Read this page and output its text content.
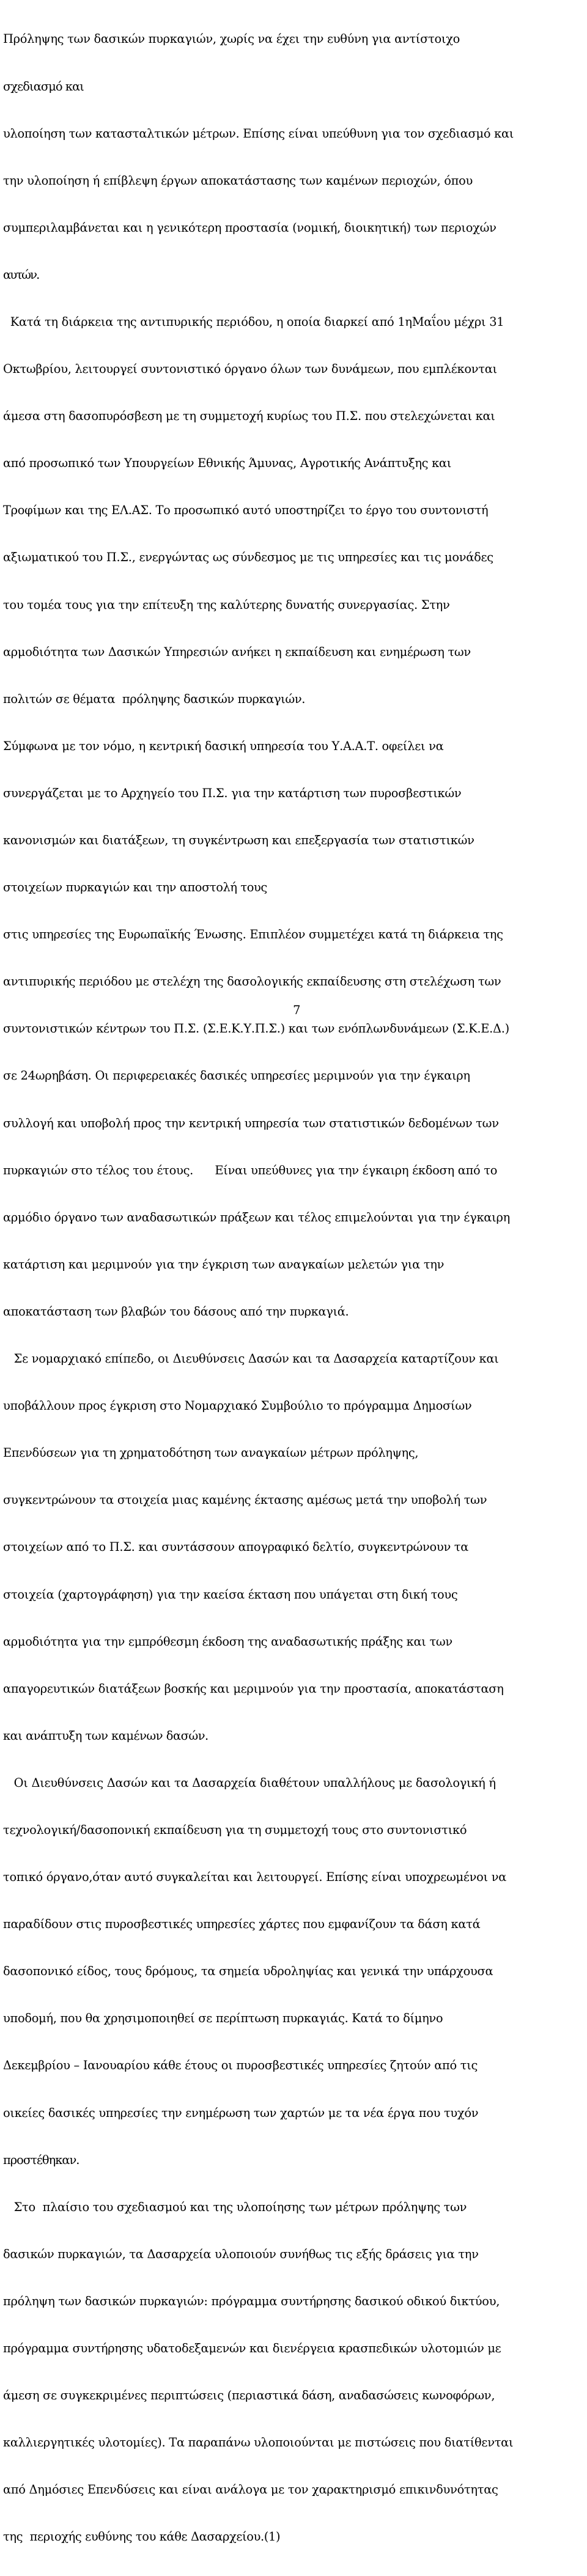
Πρόληψης των δασικών πυρκαγιών, χωρίς να έχει την ευθύνη για αντίστοιχο

σχεδιασμό και

υλοποίηση των κατασταλτικών μέτρων. Επίσης είναι υπεύθυνη για τον σχεδιασμό και

την υλοποίηση ή επίβλεψη έργων αποκατάστασης των καμένων περιοχών, όπου

συμπεριλαμβάνεται και η γενικότερη προστασία (νομική, διοικητική) των περιοχών

αυτών.

Κατά τη διάρκεια της αντιπυρικής περιόδου, η οποία διαρκεί από 1ηΜαΐου μέχρι 31

Οκτωβρίου, λειτουργεί συντονιστικό όργανο όλων των δυνάμεων, που εμπλέκονται

άμεσα στη δασοπυρόσβεση με τη συμμετοχή κυρίως του Π.Σ. που στελεχώνεται και

από προσωπικό των Υπουργείων Εθνικής Άμυνας, Αγροτικής Ανάπτυξης και

Τροφίμων και της ΕΛ.ΑΣ. Το προσωπικό αυτό υποστηρίζει το έργο του συντονιστή

αξιωματικού του Π.Σ., ενεργώντας ως σύνδεσμος με τις υπηρεσίες και τις μονάδες

του τομέα τους για την επίτευξη της καλύτερης δυνατής συνεργασίας. Στην

αρμοδιότητα των Δασικών Υπηρεσιών ανήκει η εκπαίδευση και ενημέρωση των

πολιτών σε θέματα  πρόληψης δασικών πυρκαγιών.

Σύμφωνα με τον νόμο, η κεντρική δασική υπηρεσία του Υ.Α.Α.Τ. οφείλει να

συνεργάζεται με το Αρχηγείο του Π.Σ. για την κατάρτιση των πυροσβεστικών

κανονισμών και διατάξεων, τη συγκέντρωση και επεξεργασία των στατιστικών

στοιχείων πυρκαγιών και την αποστολή τους

στις υπηρεσίες της Ευρωπαϊκής Ένωσης. Επιπλέον συμμετέχει κατά τη διάρκεια της

αντιπυρικής περιόδου με στελέχη της δασολογικής εκπαίδευσης στη στελέχωση των

συντονιστικών κέντρων του Π.Σ. (Σ.Ε.Κ.Υ.Π.Σ.) και των ενόπλωνδυνάμεων (Σ.Κ.Ε.Δ.)

σε 24ωρηβάση. Οι περιφερειακές δασικές υπηρεσίες μεριμνούν για την έγκαιρη

συλλογή και υποβολή προς την κεντρική υπηρεσία των στατιστικών δεδομένων των

πυρκαγιών στο τέλος του έτους.      Είναι υπεύθυνες για την έγκαιρη έκδοση από το

αρμόδιο όργανο των αναδασωτικών πράξεων και τέλος επιμελούνται για την έγκαιρη

κατάρτιση και μεριμνούν για την έγκριση των αναγκαίων μελετών για την

αποκατάσταση των βλαβών του δάσους από την πυρκαγιά.

Σε νομαρχιακό επίπεδο, οι Διευθύνσεις Δασών και τα Δασαρχεία καταρτίζουν και

υποβάλλουν προς έγκριση στο Νομαρχιακό Συμβούλιο το πρόγραμμα Δημοσίων

Επενδύσεων για τη χρηματοδότηση των αναγκαίων μέτρων πρόληψης,

συγκεντρώνουν τα στοιχεία μιας καμένης έκτασης αμέσως μετά την υποβολή των

στοιχείων από το Π.Σ. και συντάσσουν απογραφικό δελτίο, συγκεντρώνουν τα

στοιχεία (χαρτογράφηση) για την καείσα έκταση που υπάγεται στη δική τους

αρμοδιότητα για την εμπρόθεσμη έκδοση της αναδασωτικής πράξης και των

απαγορευτικών διατάξεων βοσκής και μεριμνούν για την προστασία, αποκατάσταση

και ανάπτυξη των καμένων δασών.

Οι Διευθύνσεις Δασών και τα Δασαρχεία διαθέτουν υπαλλήλους με δασολογική ή

τεχνολογική/δασοπονική εκπαίδευση για τη συμμετοχή τους στο συντονιστικό

τοπικό όργανο,όταν αυτό συγκαλείται και λειτουργεί. Επίσης είναι υποχρεωμένοι να

παραδίδουν στις πυροσβεστικές υπηρεσίες χάρτες που εμφανίζουν τα δάση κατά

δασοπονικό είδος, τους δρόμους, τα σημεία υδροληψίας και γενικά την υπάρχουσα

υποδομή, που θα χρησιμοποιηθεί σε περίπτωση πυρκαγιάς. Κατά το δίμηνο

Δεκεμβρίου – Ιανουαρίου κάθε έτους οι πυροσβεστικές υπηρεσίες ζητούν από τις

οικείες δασικές υπηρεσίες την ενημέρωση των χαρτών με τα νέα έργα που τυχόν

προστέθηκαν.

Στο  πλαίσιο του σχεδιασμού και της υλοποίησης των μέτρων πρόληψης των

δασικών πυρκαγιών, τα Δασαρχεία υλοποιούν συνήθως τις εξής δράσεις για την

πρόληψη των δασικών πυρκαγιών: πρόγραμμα συντήρησης δασικού οδικού δικτύου,

πρόγραμμα συντήρησης υδατοδεξαμενών και διενέργεια κρασπεδικών υλοτομιών με

άμεση σε συγκεκριμένες περιπτώσεις (περιαστικά δάση, αναδασώσεις κωνοφόρων,

καλλιεργητικές υλοτομίες). Τα παραπάνω υλοποιούνται με πιστώσεις που διατίθενται

από Δημόσιες Επενδύσεις και είναι ανάλογα με τον χαρακτηρισμό επικινδυνότητας

της  περιοχής ευθύνης του κάθε Δασαρχείου.(1)

7
